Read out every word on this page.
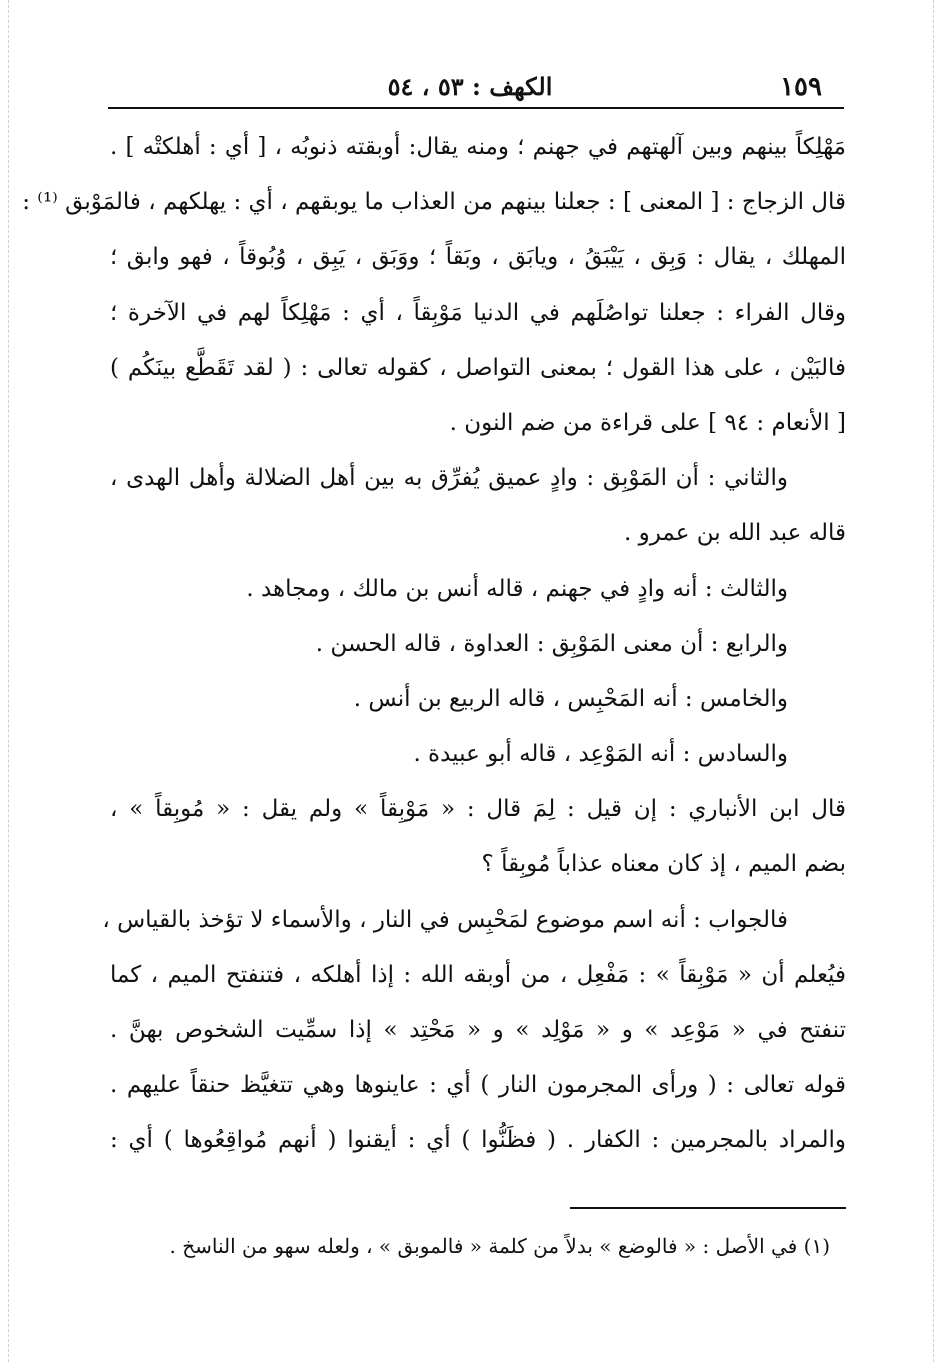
١٥٩
الكهف : ٥٣ ، ٥٤
مَهْلِكاً بينهم وبين آلهتهم في جهنم ؛ ومنه يقال: أوبقته ذنوبُه ، [ أي : أهلكتْه ] .
قال الزجاج : [ المعنى ] : جعلنا بينهم من العذاب ما يوبقهم ، أي : يهلكهم ، فالمَوْبق ⁽¹⁾ :
المهلك ، يقال : وَبِق ، يَيْبَقُ ، ويابَق ، وبَقاً ؛ ووَبَق ، يَبِق ، وُبُوقاً ، فهو وابق ؛
وقال الفراء : جعلنا تواصُلَهم في الدنيا مَوْبِقاً ، أي : مَهْلِكاً لهم في الآخرة ؛
فالبَيْن ، على هذا القول ؛ بمعنى التواصل ، كقوله تعالى : ( لقد تَقَطَّع بينَكُم )
[ الأنعام : ٩٤ ] على قراءة من ضم النون .
والثاني : أن المَوْبِق : وادٍ عميق يُفرِّق به بين أهل الضلالة وأهل الهدى ،
قاله عبد الله بن عمرو .
والثالث : أنه وادٍ في جهنم ، قاله أنس بن مالك ، ومجاهد .
والرابع : أن معنى المَوْبِق : العداوة ، قاله الحسن .
والخامس : أنه المَحْبِس ، قاله الربيع بن أنس .
والسادس : أنه المَوْعِد ، قاله أبو عبيدة .
قال ابن الأنباري : إن قيل : لِمَ قال : « مَوْبِقاً » ولم يقل : « مُوبِقاً » ،
بضم الميم ، إذ كان معناه عذاباً مُوبِقاً ؟
فالجواب : أنه اسم موضوع لمَحْبِس في النار ، والأسماء لا تؤخذ بالقياس ،
فيُعلم أن « مَوْبِقاً » : مَفْعِل ، من أوبقه الله : إذا أهلكه ، فتنفتح الميم ، كما
تنفتح في « مَوْعِد » و « مَوْلِد » و « مَحْتِد » إذا سمِّيت الشخوص بهنَّ .
قوله تعالى : ( ورأى المجرمون النار ) أي : عاينوها وهي تتغيَّظ حنقاً عليهم .
والمراد بالمجرمين : الكفار . ( فظَنُّوا ) أي : أيقنوا ( أنهم مُواقِعُوها ) أي :
(١) في الأصل : « فالوضع » بدلاً من كلمة « فالموبق » ، ولعله سهو من الناسخ .
